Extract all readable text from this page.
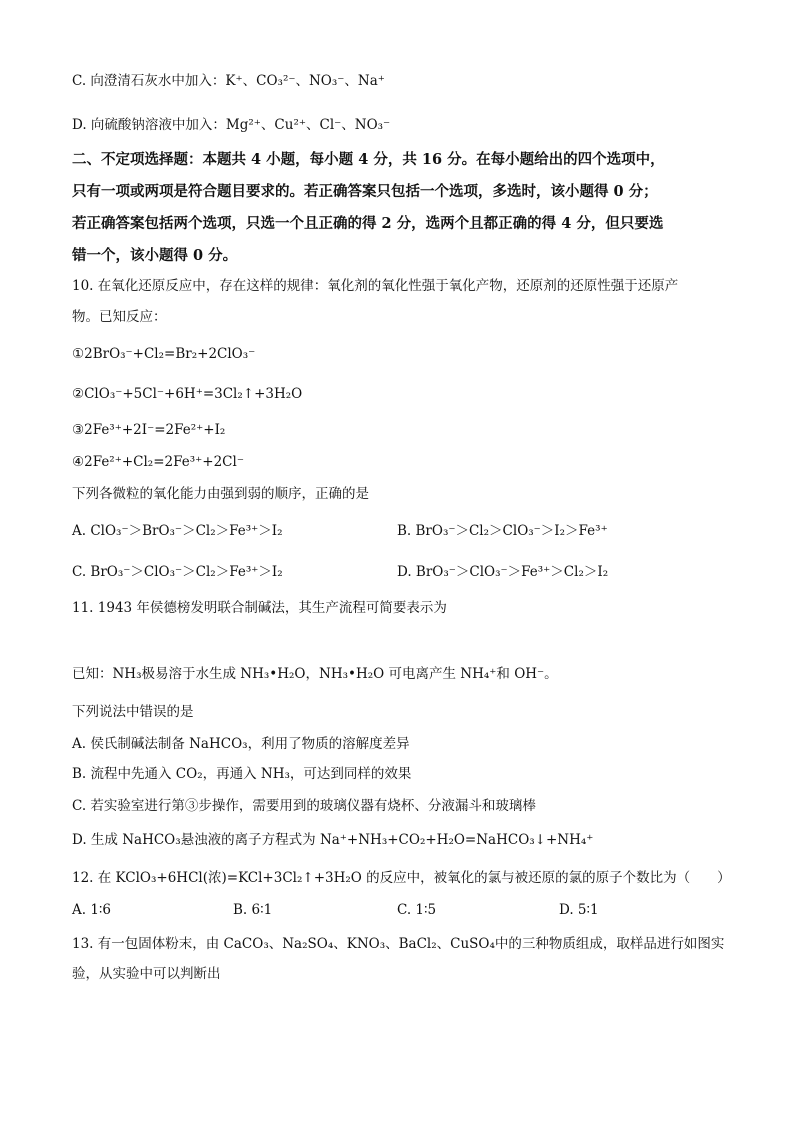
C. 向澄清石灰水中加入：K⁺、CO₃²⁻、NO₃⁻、Na⁺
D. 向硫酸钠溶液中加入：Mg²⁺、Cu²⁺、Cl⁻、NO₃⁻
二、不定项选择题：本题共 4 小题，每小题 4 分，共 16 分。在每小题给出的四个选项中，
只有一项或两项是符合题目要求的。若正确答案只包括一个选项，多选时，该小题得 0 分；
若正确答案包括两个选项，只选一个且正确的得 2 分，选两个且都正确的得 4 分，但只要选
错一个，该小题得 0 分。
10. 在氧化还原反应中，存在这样的规律：氧化剂的氧化性强于氧化产物，还原剂的还原性强于还原产
物。已知反应：
①2BrO₃⁻+Cl₂=Br₂+2ClO₃⁻
②ClO₃⁻+5Cl⁻+6H⁺=3Cl₂↑+3H₂O
③2Fe³⁺+2I⁻=2Fe²⁺+I₂
④2Fe²⁺+Cl₂=2Fe³⁺+2Cl⁻
下列各微粒的氧化能力由强到弱的顺序，正确的是
A. ClO₃⁻＞BrO₃⁻＞Cl₂＞Fe³⁺＞I₂	B. BrO₃⁻＞Cl₂＞ClO₃⁻＞I₂＞Fe³⁺
C. BrO₃⁻＞ClO₃⁻＞Cl₂＞Fe³⁺＞I₂	D. BrO₃⁻＞ClO₃⁻＞Fe³⁺＞Cl₂＞I₂
11. 1943 年侯德榜发明联合制碱法，其生产流程可简要表示为
已知：NH₃极易溶于水生成 NH₃•H₂O，NH₃•H₂O 可电离产生 NH₄⁺和 OH⁻。
下列说法中错误的是
A. 侯氏制碱法制备 NaHCO₃，利用了物质的溶解度差异
B. 流程中先通入 CO₂，再通入 NH₃，可达到同样的效果
C. 若实验室进行第③步操作，需要用到的玻璃仪器有烧杯、分液漏斗和玻璃棒
D. 生成 NaHCO₃悬浊液的离子方程式为 Na⁺+NH₃+CO₂+H₂O=NaHCO₃↓+NH₄⁺
12. 在 KClO₃+6HCl(浓)=KCl+3Cl₂↑+3H₂O 的反应中，被氧化的氯与被还原的氯的原子个数比为（　　）
A. 1∶6	B. 6∶1	C. 1∶5	D. 5∶1
13. 有一包固体粉末，由 CaCO₃、Na₂SO₄、KNO₃、BaCl₂、CuSO₄中的三种物质组成，取样品进行如图实
验，从实验中可以判断出
